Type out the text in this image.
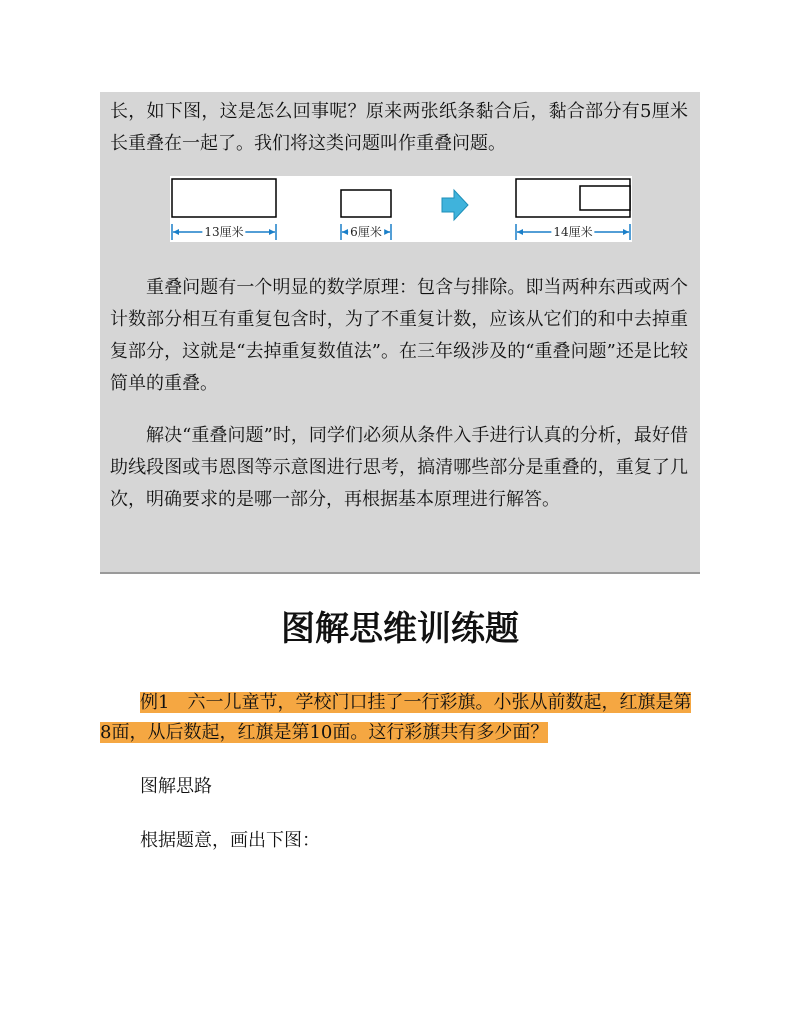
长，如下图，这是怎么回事呢？原来两张纸条黏合后，黏合部分有5厘米长重叠在一起了。我们将这类问题叫作重叠问题。

13厘米	6厘米	14厘米

重叠问题有一个明显的数学原理：包含与排除。即当两种东西或两个计数部分相互有重复包含时，为了不重复计数，应该从它们的和中去掉重复部分，这就是“去掉重复数值法”。在三年级涉及的“重叠问题”还是比较简单的重叠。

解决“重叠问题”时，同学们必须从条件入手进行认真的分析，最好借助线段图或韦恩图等示意图进行思考，搞清哪些部分是重叠的，重复了几次，明确要求的是哪一部分，再根据基本原理进行解答。

图解思维训练题

例1　六一儿童节，学校门口挂了一行彩旗。小张从前数起，红旗是第8面，从后数起，红旗是第10面。这行彩旗共有多少面？

图解思路

根据题意，画出下图：
